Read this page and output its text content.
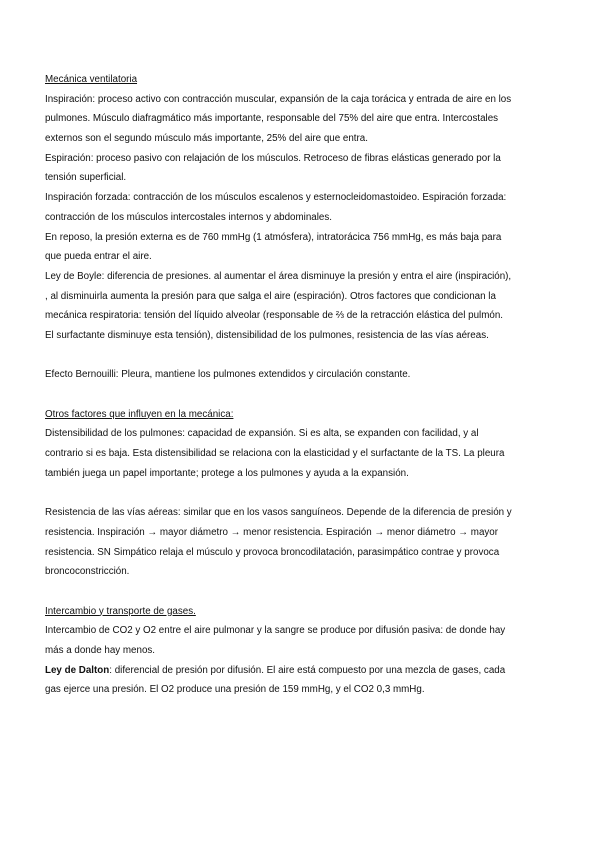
Mecánica ventilatoria
Inspiración: proceso activo con contracción muscular, expansión de la caja torácica y entrada de aire en los
pulmones. Músculo diafragmático más importante, responsable del 75% del aire que entra. Intercostales
externos son el segundo músculo más importante, 25% del aire que entra.
Espiración: proceso pasivo con relajación de los músculos. Retroceso de fibras elásticas generado por la
tensión superficial.
Inspiración forzada: contracción de los músculos escalenos y esternocleidomastoideo. Espiración forzada:
contracción de los músculos intercostales internos y abdominales.
En reposo, la presión externa es de 760 mmHg (1 atmósfera), intratorácica 756 mmHg, es más baja para
que pueda entrar el aire.
Ley de Boyle: diferencia de presiones. al aumentar el área disminuye la presión y entra el aire (inspiración),
, al disminuirla aumenta la presión para que salga el aire (espiración). Otros factores que condicionan la
mecánica respiratoria: tensión del líquido alveolar (responsable de ⅔ de la retracción elástica del pulmón.
El surfactante disminuye esta tensión), distensibilidad de los pulmones, resistencia de las vías aéreas.
Efecto Bernouilli: Pleura, mantiene los pulmones extendidos y circulación constante.
Otros factores que influyen en la mecánica:
Distensibilidad de los pulmones: capacidad de expansión. Si es alta, se expanden con facilidad, y al
contrario si es baja. Esta distensibilidad se relaciona con la elasticidad y el surfactante de la TS. La pleura
también juega un papel importante; protege a los pulmones y ayuda a la expansión.
Resistencia de las vías aéreas: similar que en los vasos sanguíneos. Depende de la diferencia de presión y
resistencia. Inspiración → mayor diámetro → menor resistencia. Espiración → menor diámetro → mayor
resistencia. SN Simpático relaja el músculo y provoca broncodilatación, parasimpático contrae y provoca
broncoconstricción.
Intercambio y transporte de gases.
Intercambio de CO2 y O2 entre el aire pulmonar y la sangre se produce por difusión pasiva: de donde hay
más a donde hay menos.
Ley de Dalton: diferencial de presión por difusión. El aire está compuesto por una mezcla de gases, cada
gas ejerce una presión. El O2 produce una presión de 159 mmHg, y el CO2 0,3 mmHg.
